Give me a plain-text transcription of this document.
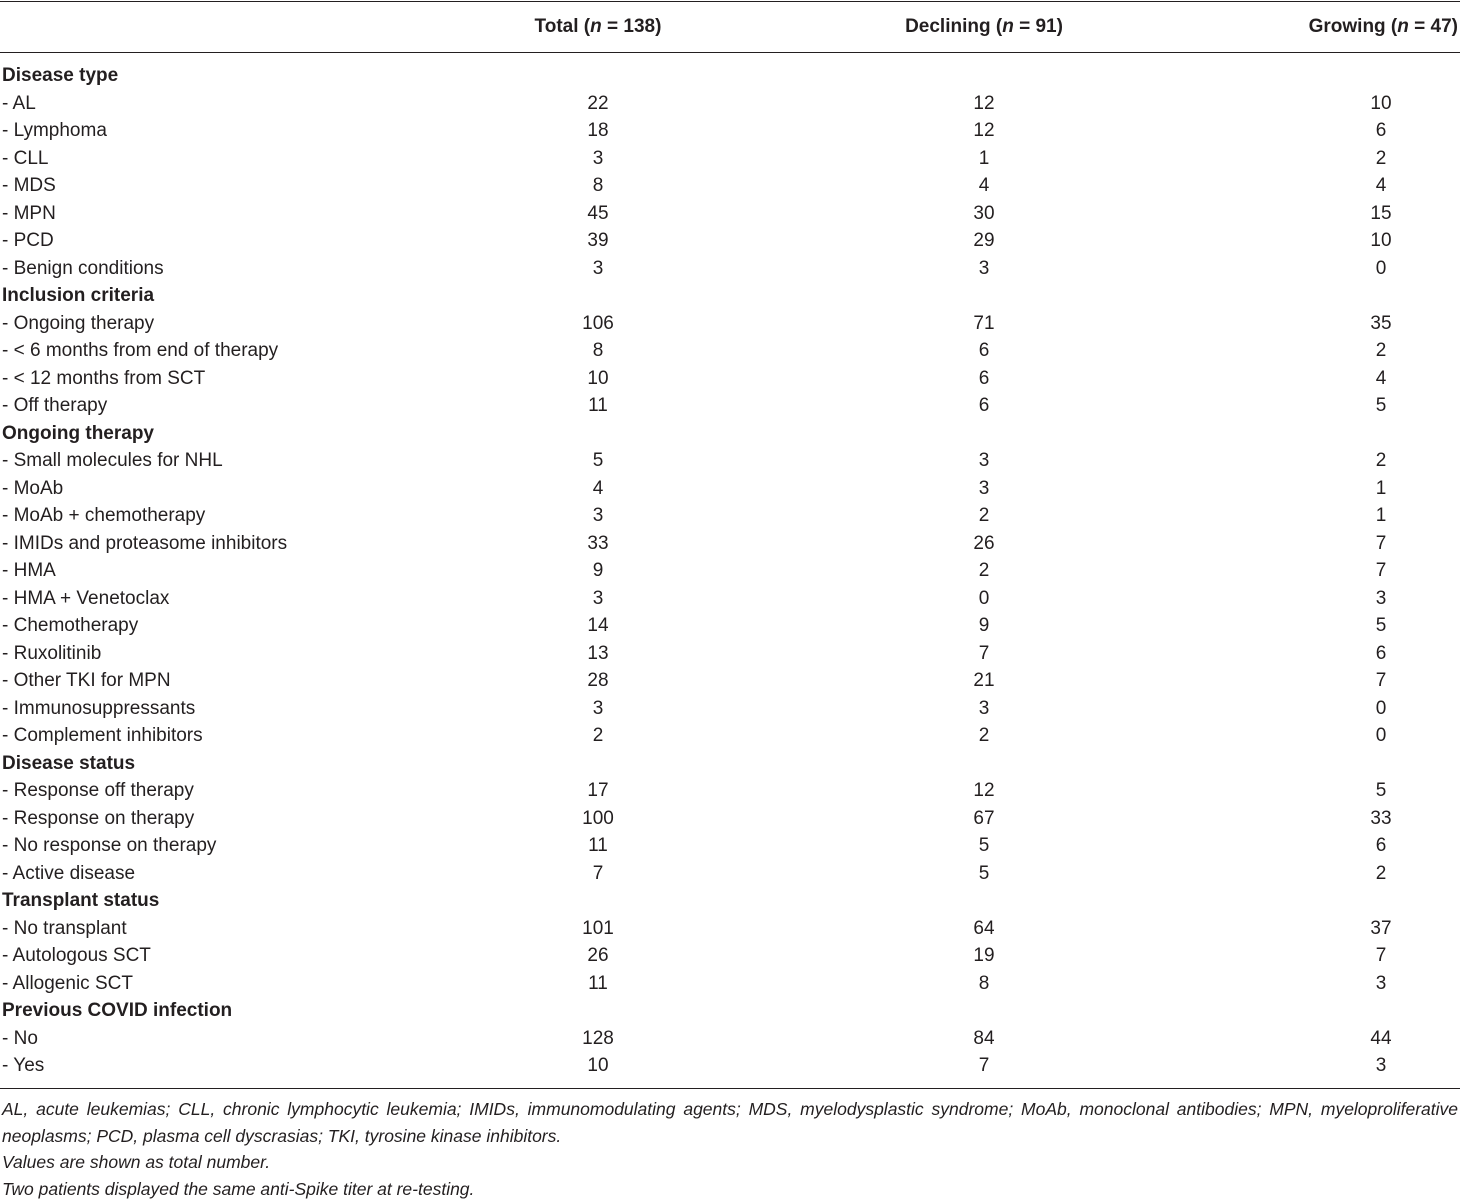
Total (n = 138)	Declining (n = 91)	Growing (n = 47)
Disease type
- AL	22	12	10
- Lymphoma	18	12	6
- CLL	3	1	2
- MDS	8	4	4
- MPN	45	30	15
- PCD	39	29	10
- Benign conditions	3	3	0
Inclusion criteria
- Ongoing therapy	106	71	35
- < 6 months from end of therapy	8	6	2
- < 12 months from SCT	10	6	4
- Off therapy	11	6	5
Ongoing therapy
- Small molecules for NHL	5	3	2
- MoAb	4	3	1
- MoAb + chemotherapy	3	2	1
- IMIDs and proteasome inhibitors	33	26	7
- HMA	9	2	7
- HMA + Venetoclax	3	0	3
- Chemotherapy	14	9	5
- Ruxolitinib	13	7	6
- Other TKI for MPN	28	21	7
- Immunosuppressants	3	3	0
- Complement inhibitors	2	2	0
Disease status
- Response off therapy	17	12	5
- Response on therapy	100	67	33
- No response on therapy	11	5	6
- Active disease	7	5	2
Transplant status
- No transplant	101	64	37
- Autologous SCT	26	19	7
- Allogenic SCT	11	8	3
Previous COVID infection
- No	128	84	44
- Yes	10	7	3

AL, acute leukemias; CLL, chronic lymphocytic leukemia; IMIDs, immunomodulating agents; MDS, myelodysplastic syndrome; MoAb, monoclonal antibodies; MPN, myeloproliferative neoplasms; PCD, plasma cell dyscrasias; TKI, tyrosine kinase inhibitors.

Values are shown as total number.

Two patients displayed the same anti-Spike titer at re-testing.
